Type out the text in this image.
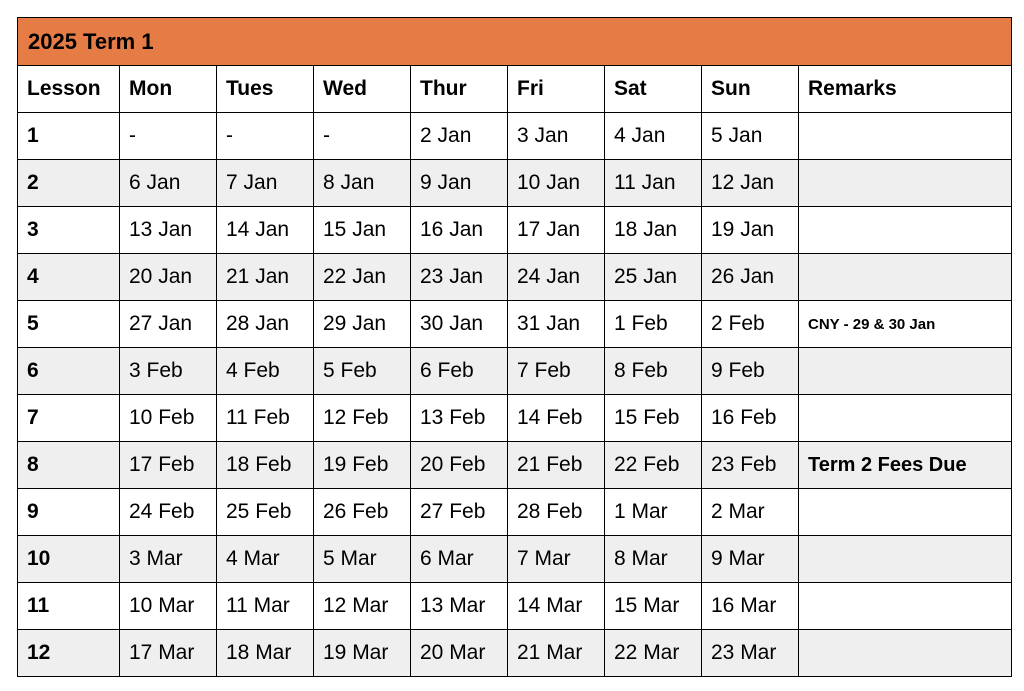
2025 Term 1								
Lesson	Mon	Tues	Wed	Thur	Fri	Sat	Sun	Remarks
1	-	-	-	2 Jan	3 Jan	4 Jan	5 Jan	
2	6 Jan	7 Jan	8 Jan	9 Jan	10 Jan	11 Jan	12 Jan	
3	13 Jan	14 Jan	15 Jan	16 Jan	17 Jan	18 Jan	19 Jan	
4	20 Jan	21 Jan	22 Jan	23 Jan	24 Jan	25 Jan	26 Jan	
5	27 Jan	28 Jan	29 Jan	30 Jan	31 Jan	1 Feb	2 Feb	CNY - 29 & 30 Jan
6	3 Feb	4 Feb	5 Feb	6 Feb	7 Feb	8 Feb	9 Feb	
7	10 Feb	11 Feb	12 Feb	13 Feb	14 Feb	15 Feb	16 Feb	
8	17 Feb	18 Feb	19 Feb	20 Feb	21 Feb	22 Feb	23 Feb	Term 2 Fees Due
9	24 Feb	25 Feb	26 Feb	27 Feb	28 Feb	1 Mar	2 Mar	
10	3 Mar	4 Mar	5 Mar	6 Mar	7 Mar	8 Mar	9 Mar	
11	10 Mar	11 Mar	12 Mar	13 Mar	14 Mar	15 Mar	16 Mar	
12	17 Mar	18 Mar	19 Mar	20 Mar	21 Mar	22 Mar	23 Mar	
